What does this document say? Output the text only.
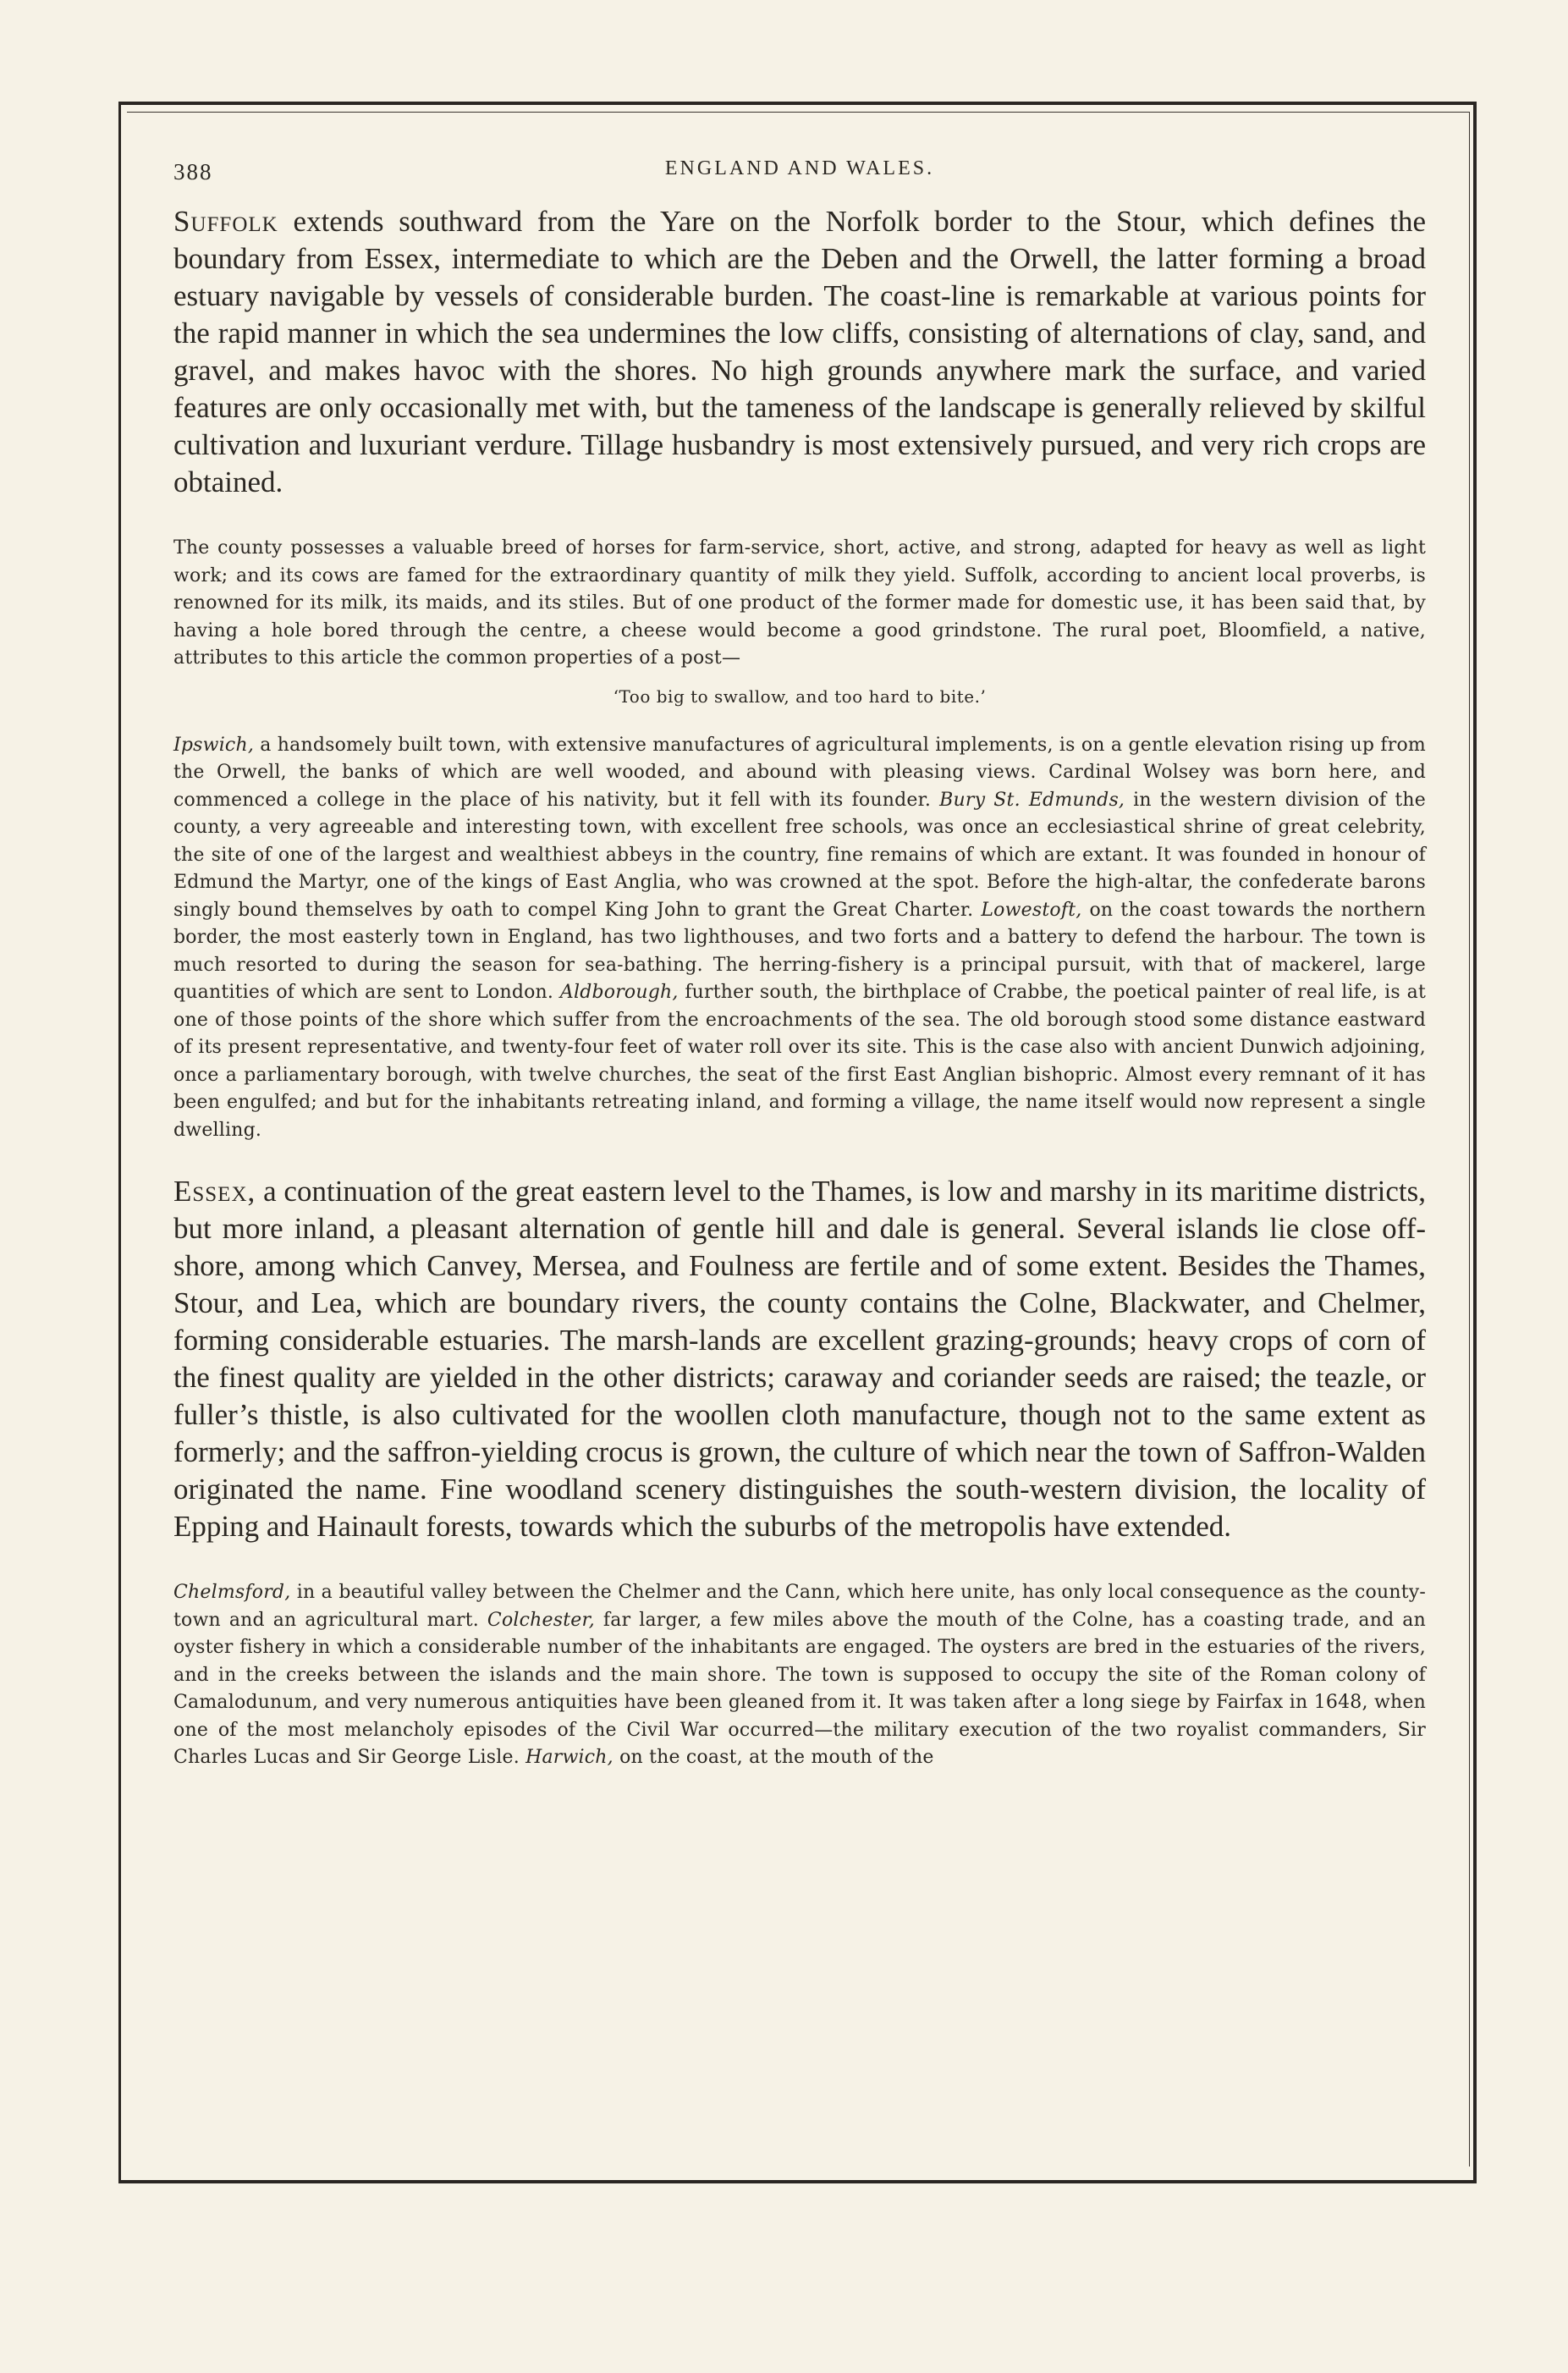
388	ENGLAND AND WALES.

Suffolk extends southward from the Yare on the Norfolk border to the Stour, which defines the boundary from Essex, intermediate to which are the Deben and the Orwell, the latter forming a broad estuary navigable by vessels of considerable burden. The coast-line is remarkable at various points for the rapid manner in which the sea undermines the low cliffs, consisting of alternations of clay, sand, and gravel, and makes havoc with the shores. No high grounds anywhere mark the surface, and varied features are only occasionally met with, but the tameness of the landscape is generally relieved by skilful cultivation and luxuriant verdure. Tillage husbandry is most extensively pursued, and very rich crops are obtained.

The county possesses a valuable breed of horses for farm-service, short, active, and strong, adapted for heavy as well as light work; and its cows are famed for the extraordinary quantity of milk they yield. Suffolk, according to ancient local proverbs, is renowned for its milk, its maids, and its stiles. But of one product of the former made for domestic use, it has been said that, by having a hole bored through the centre, a cheese would become a good grindstone. The rural poet, Bloomfield, a native, attributes to this article the common properties of a post—

‘Too big to swallow, and too hard to bite.’

Ipswich, a handsomely built town, with extensive manufactures of agricultural implements, is on a gentle elevation rising up from the Orwell, the banks of which are well wooded, and abound with pleasing views. Cardinal Wolsey was born here, and commenced a college in the place of his nativity, but it fell with its founder. Bury St. Edmunds, in the western division of the county, a very agreeable and interesting town, with excellent free schools, was once an ecclesiastical shrine of great celebrity, the site of one of the largest and wealthiest abbeys in the country, fine remains of which are extant. It was founded in honour of Edmund the Martyr, one of the kings of East Anglia, who was crowned at the spot. Before the high-altar, the confederate barons singly bound themselves by oath to compel King John to grant the Great Charter. Lowestoft, on the coast towards the northern border, the most easterly town in England, has two lighthouses, and two forts and a battery to defend the harbour. The town is much resorted to during the season for sea-bathing. The herring-fishery is a principal pursuit, with that of mackerel, large quantities of which are sent to London. Aldborough, further south, the birthplace of Crabbe, the poetical painter of real life, is at one of those points of the shore which suffer from the encroachments of the sea. The old borough stood some distance eastward of its present representative, and twenty-four feet of water roll over its site. This is the case also with ancient Dunwich adjoining, once a parliamentary borough, with twelve churches, the seat of the first East Anglian bishopric. Almost every remnant of it has been engulfed; and but for the inhabitants retreating inland, and forming a village, the name itself would now represent a single dwelling.

Essex, a continuation of the great eastern level to the Thames, is low and marshy in its maritime districts, but more inland, a pleasant alternation of gentle hill and dale is general. Several islands lie close off-shore, among which Canvey, Mersea, and Foulness are fertile and of some extent. Besides the Thames, Stour, and Lea, which are boundary rivers, the county contains the Colne, Blackwater, and Chelmer, forming considerable estuaries. The marsh-lands are excellent grazing-grounds; heavy crops of corn of the finest quality are yielded in the other districts; caraway and coriander seeds are raised; the teazle, or fuller’s thistle, is also cultivated for the woollen cloth manufacture, though not to the same extent as formerly; and the saffron-yielding crocus is grown, the culture of which near the town of Saffron-Walden originated the name. Fine woodland scenery distinguishes the south-western division, the locality of Epping and Hainault forests, towards which the suburbs of the metropolis have extended.

Chelmsford, in a beautiful valley between the Chelmer and the Cann, which here unite, has only local consequence as the county-town and an agricultural mart. Colchester, far larger, a few miles above the mouth of the Colne, has a coasting trade, and an oyster fishery in which a considerable number of the inhabitants are engaged. The oysters are bred in the estuaries of the rivers, and in the creeks between the islands and the main shore. The town is supposed to occupy the site of the Roman colony of Camalodunum, and very numerous antiquities have been gleaned from it. It was taken after a long siege by Fairfax in 1648, when one of the most melancholy episodes of the Civil War occurred—the military execution of the two royalist commanders, Sir Charles Lucas and Sir George Lisle. Harwich, on the coast, at the mouth of the
